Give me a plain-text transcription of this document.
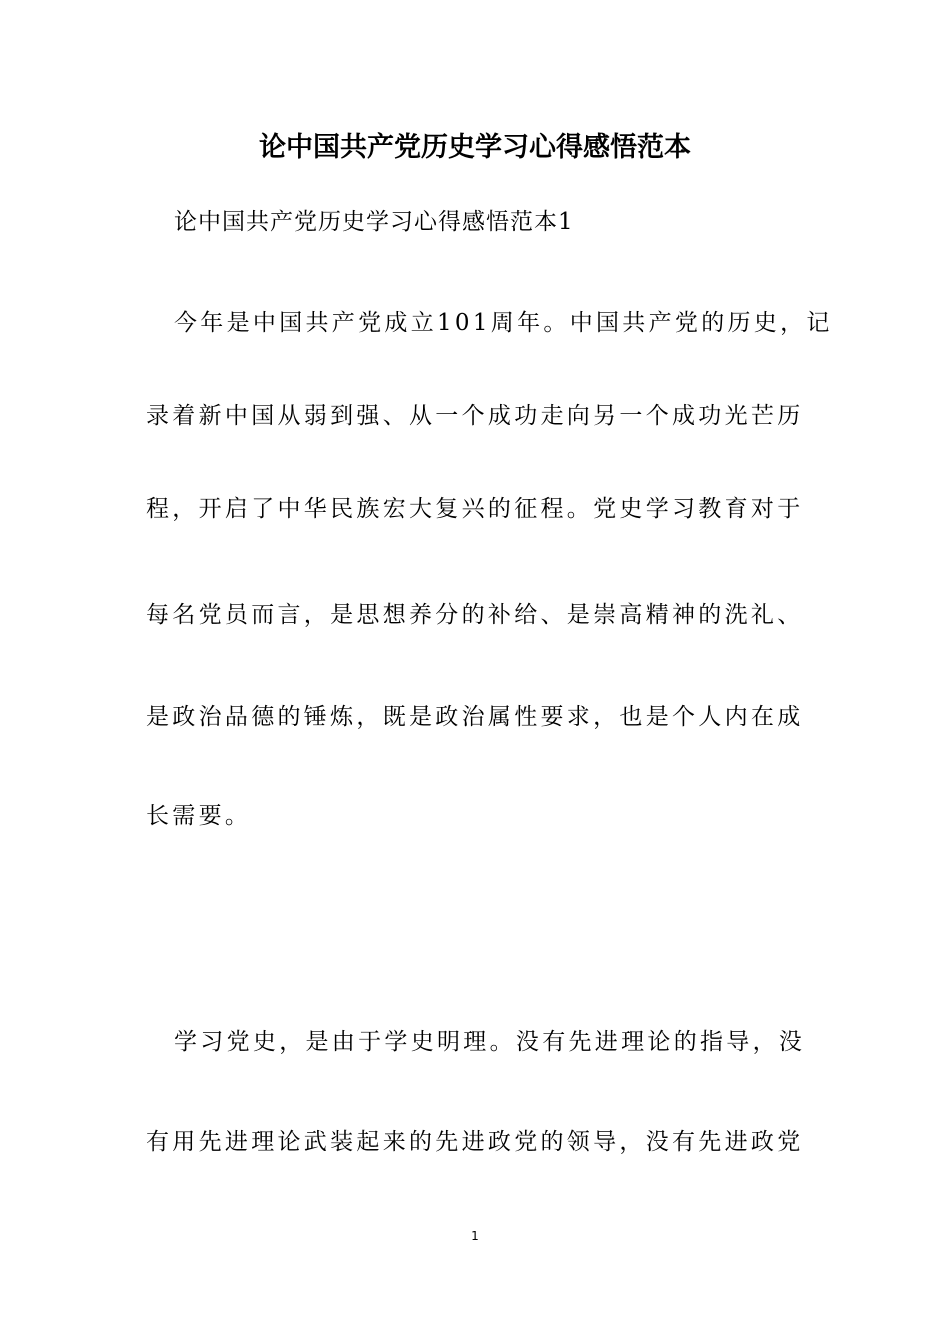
论中国共产党历史学习心得感悟范本

论中国共产党历史学习心得感悟范本1

今年是中国共产党成立101周年。中国共产党的历史，记

录着新中国从弱到强、从一个成功走向另一个成功光芒历

程，开启了中华民族宏大复兴的征程。党史学习教育对于

每名党员而言，是思想养分的补给、是崇高精神的洗礼、

是政治品德的锤炼，既是政治属性要求，也是个人内在成

长需要。

学习党史，是由于学史明理。没有先进理论的指导，没

有用先进理论武装起来的先进政党的领导，没有先进政党

1
